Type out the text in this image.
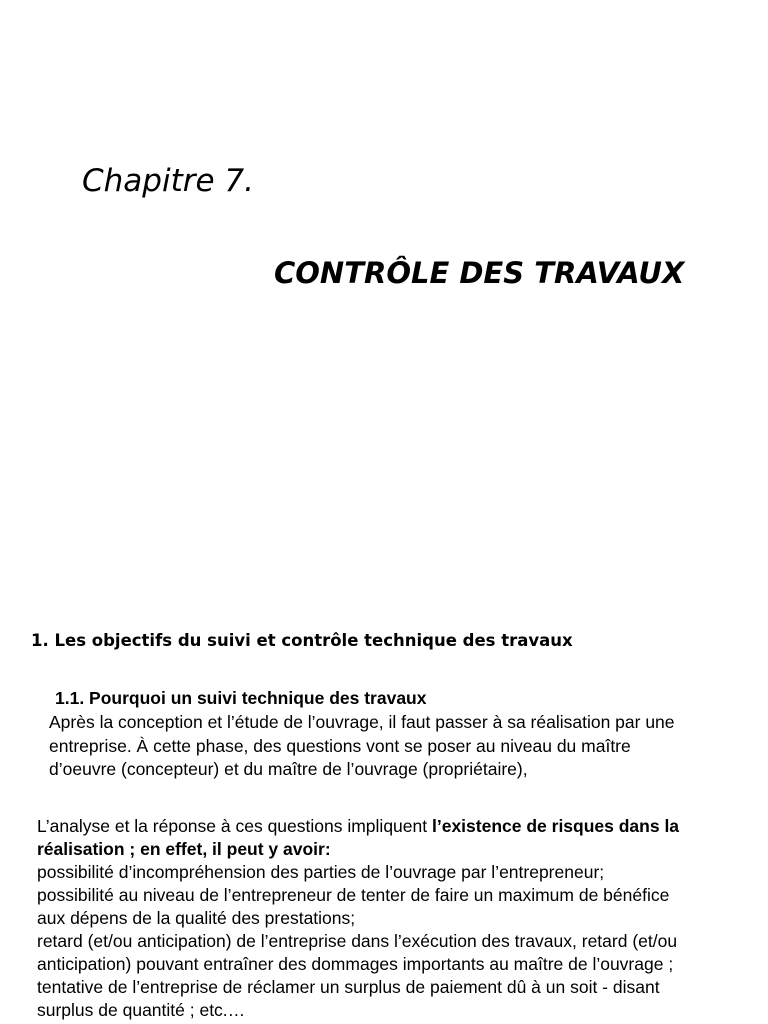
Chapitre 7.
CONTRÔLE DES TRAVAUX
1. Les objectifs du suivi et contrôle technique des travaux
1.1. Pourquoi un suivi technique des travaux
Après la conception et l’étude de l’ouvrage, il faut passer à sa réalisation par une
entreprise. À cette phase, des questions vont se poser au niveau du maître
d’oeuvre (concepteur) et du maître de l’ouvrage (propriétaire),
L’analyse et la réponse à ces questions impliquent l’existence de risques dans la
réalisation ; en effet, il peut y avoir:
possibilité d’incompréhension des parties de l’ouvrage par l’entrepreneur;
possibilité au niveau de l’entrepreneur de tenter de faire un maximum de bénéfice
aux dépens de la qualité des prestations;
retard (et/ou anticipation) de l’entreprise dans l’exécution des travaux, retard (et/ou
anticipation) pouvant entraîner des dommages importants au maître de l’ouvrage ;
tentative de l’entreprise de réclamer un surplus de paiement dû à un soit - disant
surplus de quantité ; etc.…
